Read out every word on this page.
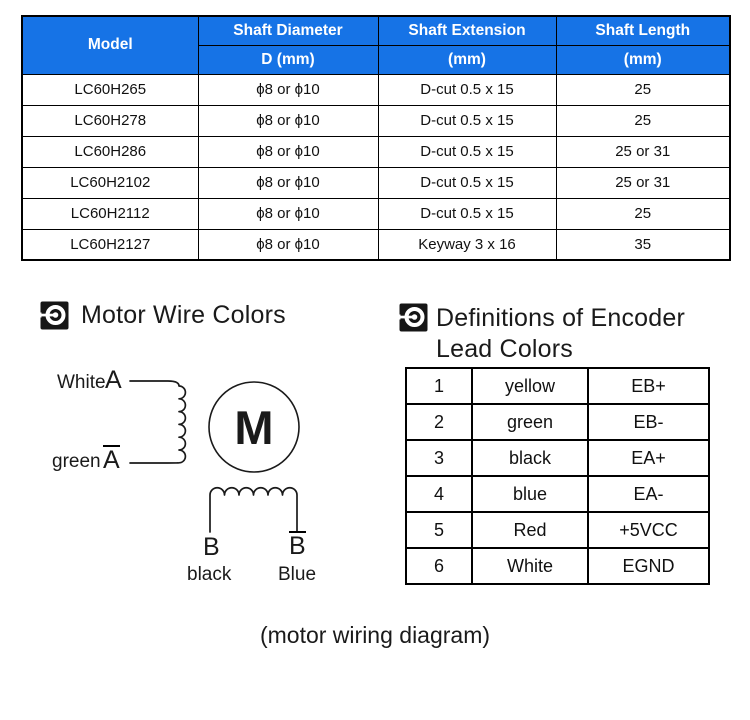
Model	Shaft Diameter	Shaft Extension	Shaft Length
	D (mm)	(mm)	(mm)
LC60H265	ϕ8 or ϕ10	D-cut 0.5 x 15	25
LC60H278	ϕ8 or ϕ10	D-cut 0.5 x 15	25
LC60H286	ϕ8 or ϕ10	D-cut 0.5 x 15	25 or 31
LC60H2102	ϕ8 or ϕ10	D-cut 0.5 x 15	25 or 31
LC60H2112	ϕ8 or ϕ10	D-cut 0.5 x 15	25
LC60H2127	ϕ8 or ϕ10	Keyway 3 x 16	35
Motor Wire Colors	Definitions of Encoder
Lead Colors
White A
green A
M
B	B
black Blue
1	yellow	EB+
2	green	EB-
3	black	EA+
4	blue	EA-
5	Red	+5VCC
6	White	EGND
(motor wiring diagram)
